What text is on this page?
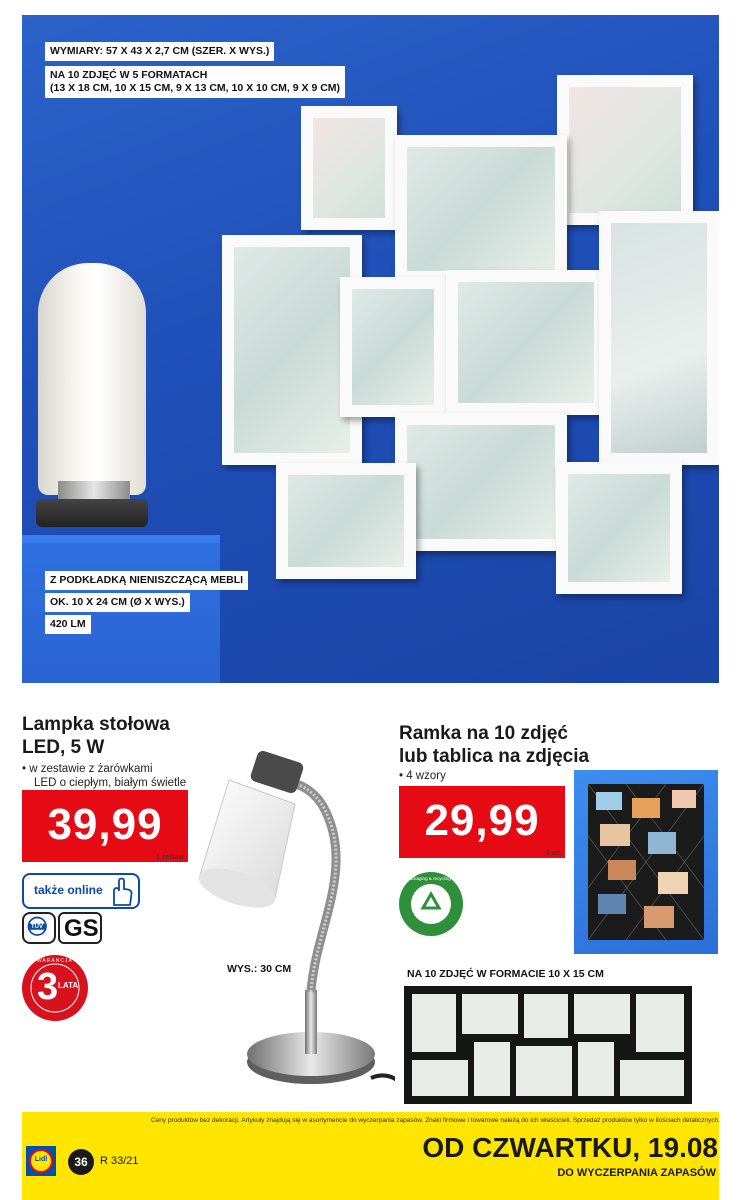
WYMIARY: 57 X 43 X 2,7 CM (SZER. X WYS.)
NA 10 ZDJĘĆ W 5 FORMATACH
(13 X 18 CM, 10 X 15 CM, 9 X 13 CM, 10 X 10 CM, 9 X 9 CM)
Z PODKŁADKĄ NIENISZCZĄCĄ MEBLI
OK. 10 X 24 CM (Ø X WYS.)
420 LM
Lampka stołowa
LED, 5 W
• w zestawie z żarówkami
LED o ciepłym, białym świetle
39,99
1 zestaw
także online
TÜV GS
3 LATA
GWARANCJA
WYS.: 30 CM
Ramka na 10 zdjęć
lub tablica na zdjęcia
• 4 wzory
29,99
1 szt.
packaging & recycling
NA 10 ZDJĘĆ W FORMACIE 10 X 15 CM
Ceny produktów bez dekoracji. Artykuły znajdują się w asortymencie do wyczerpania zapasów. Znaki firmowe i towarowe należą do ich właścicieli. Sprzedaż produktów tylko w ilościach detalicznych.
Lidl	36	R 33/21	OD CZWARTKU, 19.08
DO WYCZERPANIA ZAPASÓW
